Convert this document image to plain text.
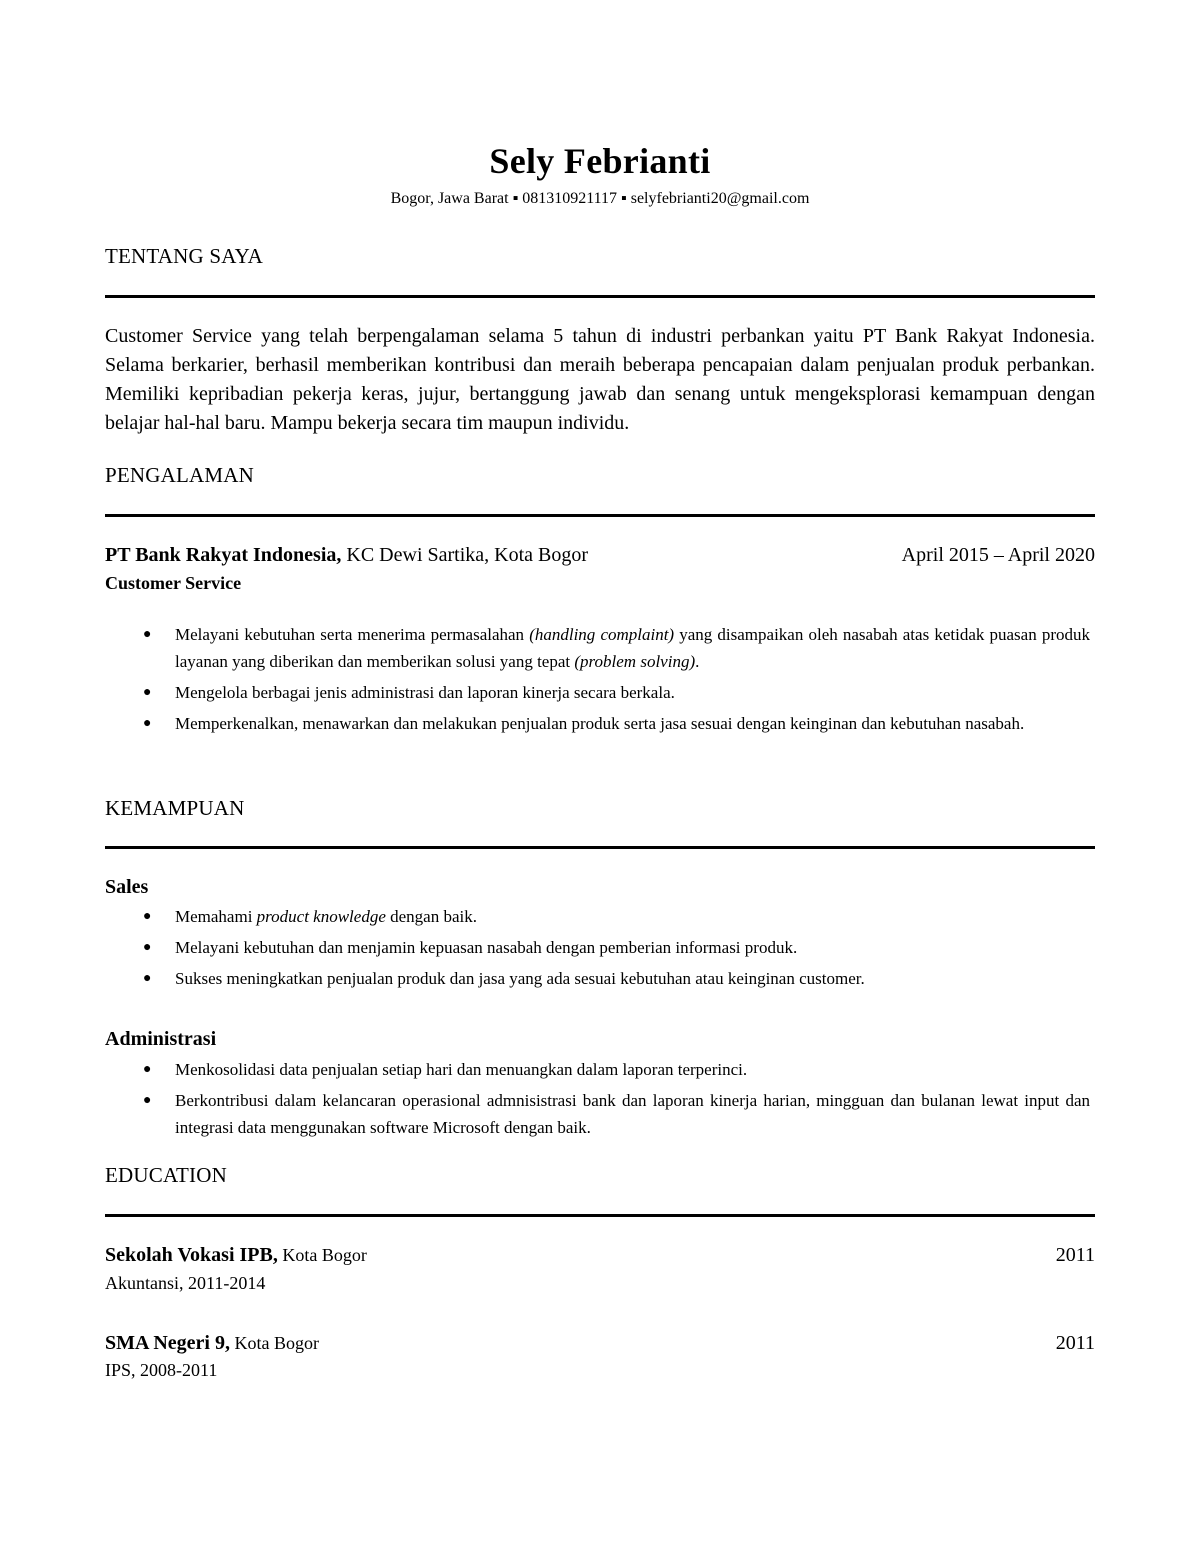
Sely Febrianti
Bogor, Jawa Barat ▪ 081310921117 ▪ selyfebrianti20@gmail.com
TENTANG SAYA
Customer Service yang telah berpengalaman selama 5 tahun di industri perbankan yaitu PT Bank Rakyat Indonesia. Selama berkarier, berhasil memberikan kontribusi dan meraih beberapa pencapaian dalam penjualan produk perbankan. Memiliki kepribadian pekerja keras, jujur, bertanggung jawab dan senang untuk mengeksplorasi kemampuan dengan belajar hal-hal baru. Mampu bekerja secara tim maupun individu.
PENGALAMAN
PT Bank Rakyat Indonesia, KC Dewi Sartika, Kota Bogor	April 2015 – April 2020
Customer Service
● Melayani kebutuhan serta menerima permasalahan (handling complaint) yang disampaikan oleh nasabah atas ketidak puasan produk layanan yang diberikan dan memberikan solusi yang tepat (problem solving).
● Mengelola berbagai jenis administrasi dan laporan kinerja secara berkala.
● Memperkenalkan, menawarkan dan melakukan penjualan produk serta jasa sesuai dengan keinginan dan kebutuhan nasabah.
KEMAMPUAN
Sales
● Memahami product knowledge dengan baik.
● Melayani kebutuhan dan menjamin kepuasan nasabah dengan pemberian informasi produk.
● Sukses meningkatkan penjualan produk dan jasa yang ada sesuai kebutuhan atau keinginan customer.
Administrasi
● Menkosolidasi data penjualan setiap hari dan menuangkan dalam laporan terperinci.
● Berkontribusi dalam kelancaran operasional admnisistrasi bank dan laporan kinerja harian, mingguan dan bulanan lewat input dan integrasi data menggunakan software Microsoft dengan baik.
EDUCATION
Sekolah Vokasi IPB, Kota Bogor	2011
Akuntansi, 2011-2014
SMA Negeri 9, Kota Bogor	2011
IPS, 2008-2011
